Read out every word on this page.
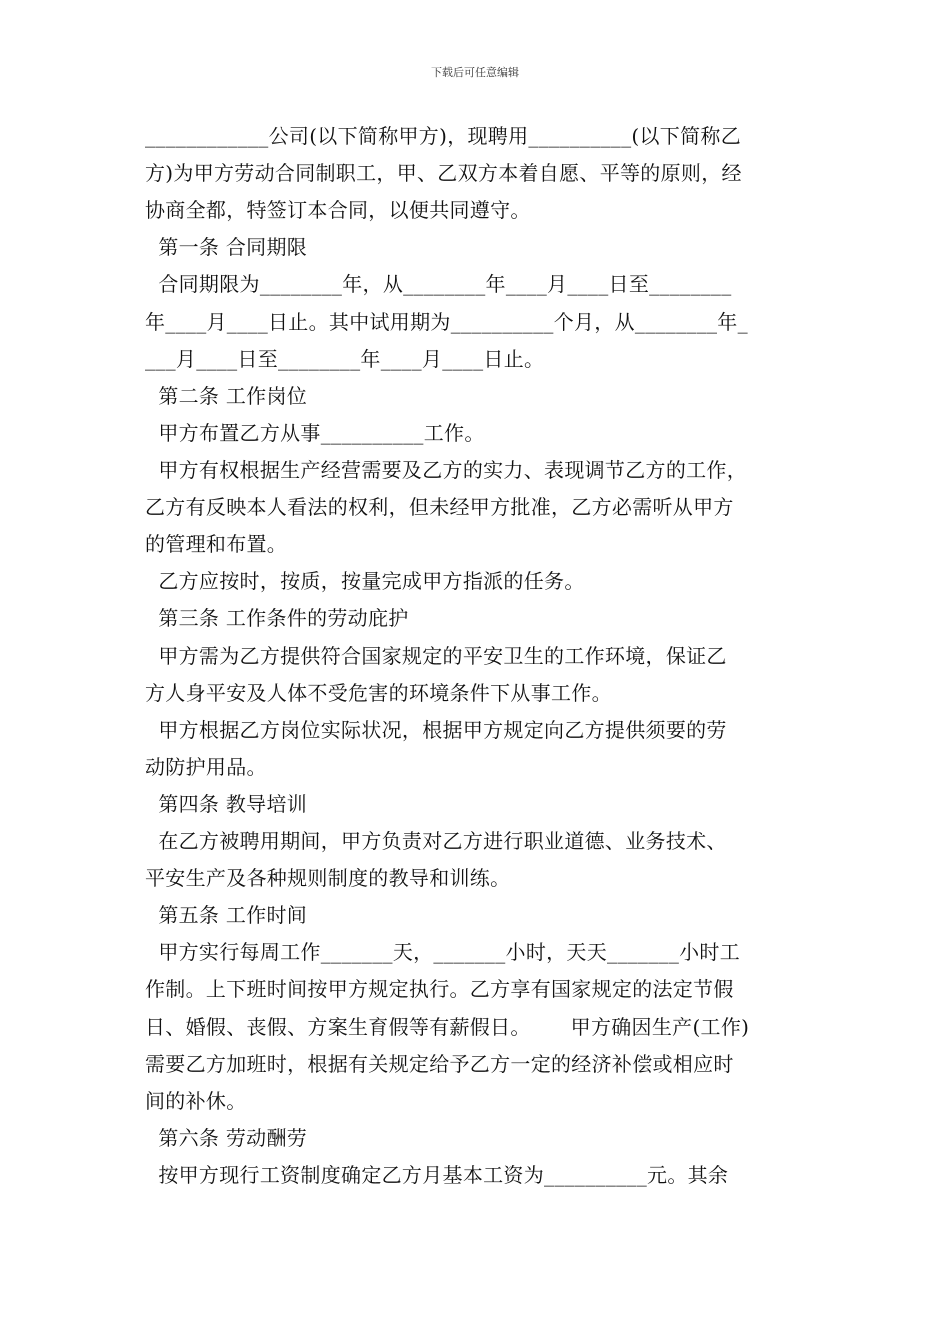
下载后可任意编辑
____________公司(以下简称甲方)，现聘用__________(以下简称乙
方)为甲方劳动合同制职工，甲、乙双方本着自愿、平等的原则，经
协商全都，特签订本合同，以便共同遵守。
第一条 合同期限
合同期限为________年，从________年____月____日至________
年____月____日止。其中试用期为__________个月，从________年_
___月____日至________年____月____日止。
第二条 工作岗位
甲方布置乙方从事__________工作。
甲方有权根据生产经营需要及乙方的实力、表现调节乙方的工作，
乙方有反映本人看法的权利，但未经甲方批准，乙方必需听从甲方
的管理和布置。
乙方应按时，按质，按量完成甲方指派的任务。
第三条 工作条件的劳动庇护
甲方需为乙方提供符合国家规定的平安卫生的工作环境，保证乙
方人身平安及人体不受危害的环境条件下从事工作。
甲方根据乙方岗位实际状况，根据甲方规定向乙方提供须要的劳
动防护用品。
第四条 教导培训
在乙方被聘用期间，甲方负责对乙方进行职业道德、业务技术、
平安生产及各种规则制度的教导和训练。
第五条 工作时间
甲方实行每周工作_______天，_______小时，天天_______小时工
作制。上下班时间按甲方规定执行。乙方享有国家规定的法定节假
日、婚假、丧假、方案生育假等有薪假日。      甲方确因生产(工作)
需要乙方加班时，根据有关规定给予乙方一定的经济补偿或相应时
间的补休。
第六条 劳动酬劳
按甲方现行工资制度确定乙方月基本工资为__________元。其余
